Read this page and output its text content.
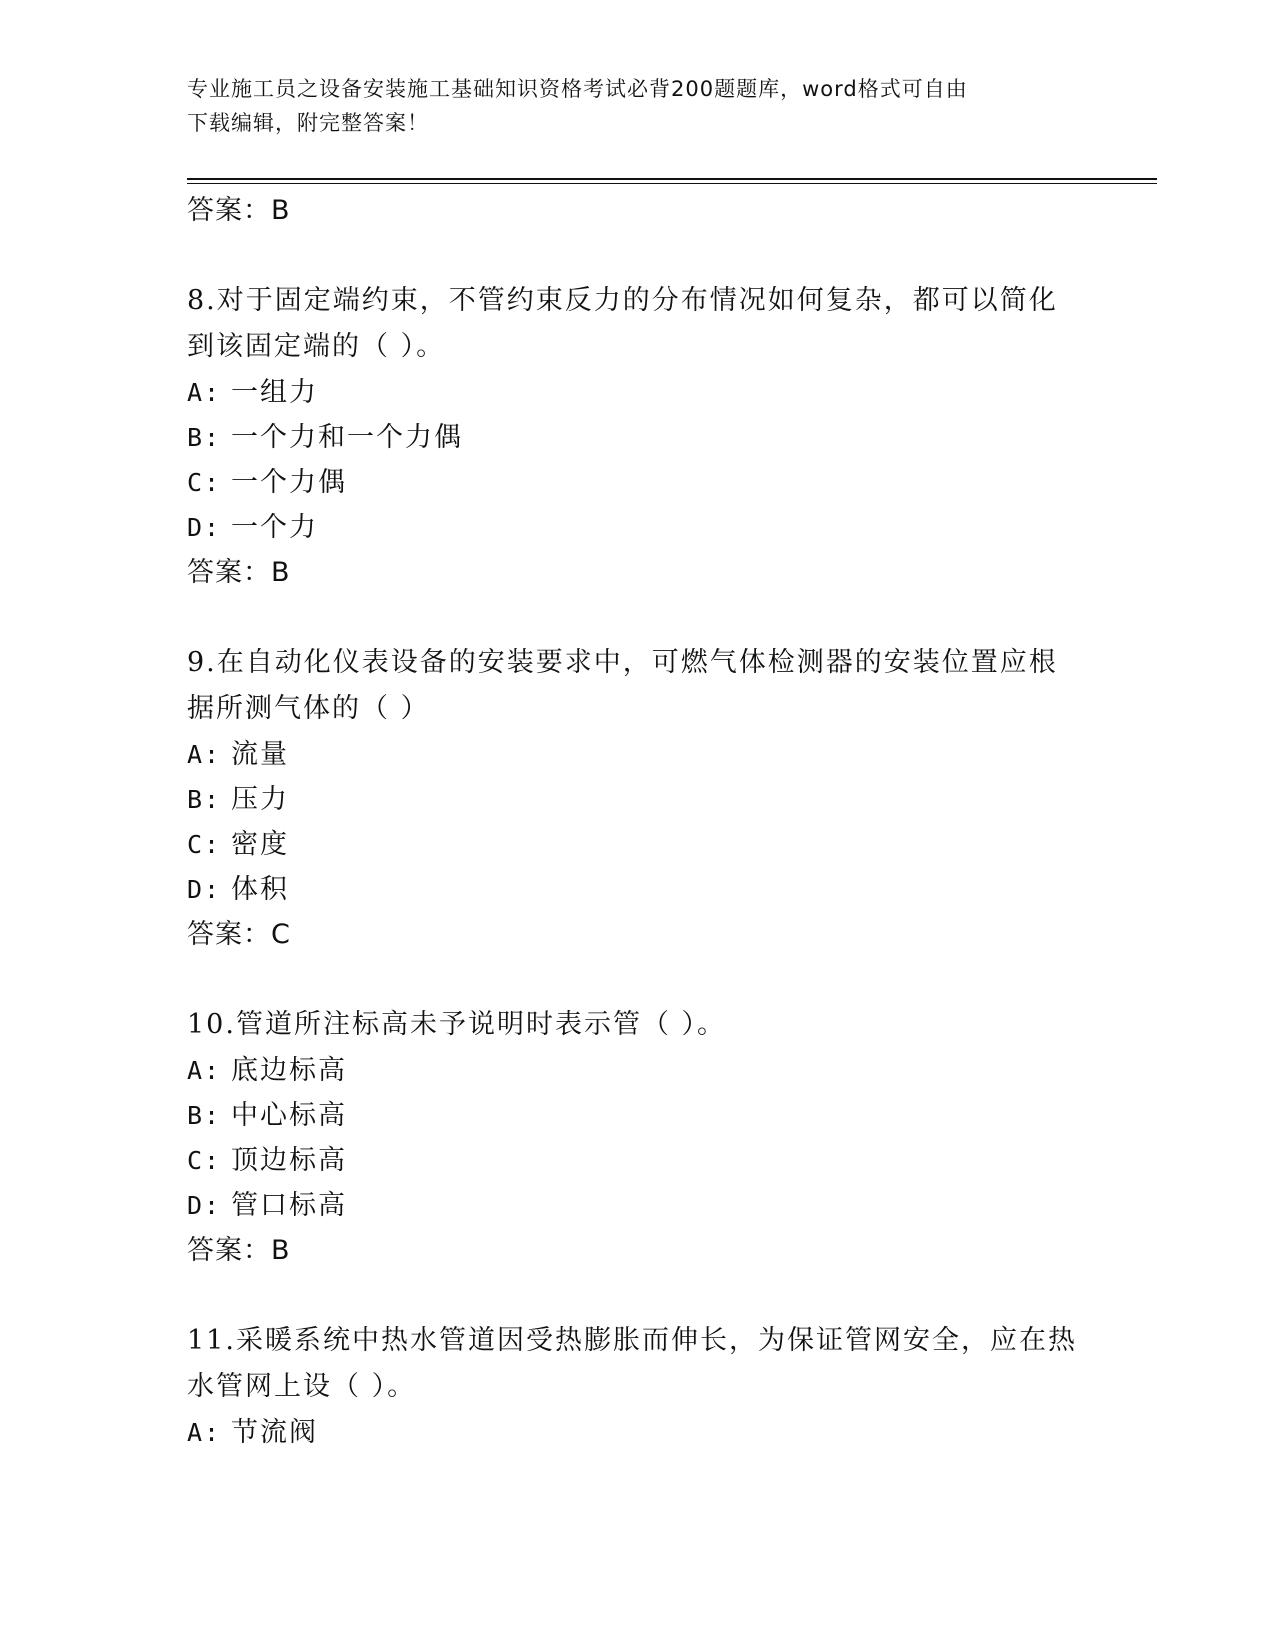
专业施工员之设备安装施工基础知识资格考试必背200题题库，word格式可自由
下载编辑，附完整答案！
答案：B
8.对于固定端约束，不管约束反力的分布情况如何复杂，都可以简化
到该固定端的（ ）。
A: 一组力
B: 一个力和一个力偶
C: 一个力偶
D: 一个力
答案：B
9.在自动化仪表设备的安装要求中，可燃气体检测器的安装位置应根
据所测气体的（ ）
A: 流量
B: 压力
C: 密度
D: 体积
答案：C
10.管道所注标高未予说明时表示管（ ）。
A: 底边标高
B: 中心标高
C: 顶边标高
D: 管口标高
答案：B
11.采暖系统中热水管道因受热膨胀而伸长，为保证管网安全，应在热
水管网上设（ ）。
A: 节流阀
